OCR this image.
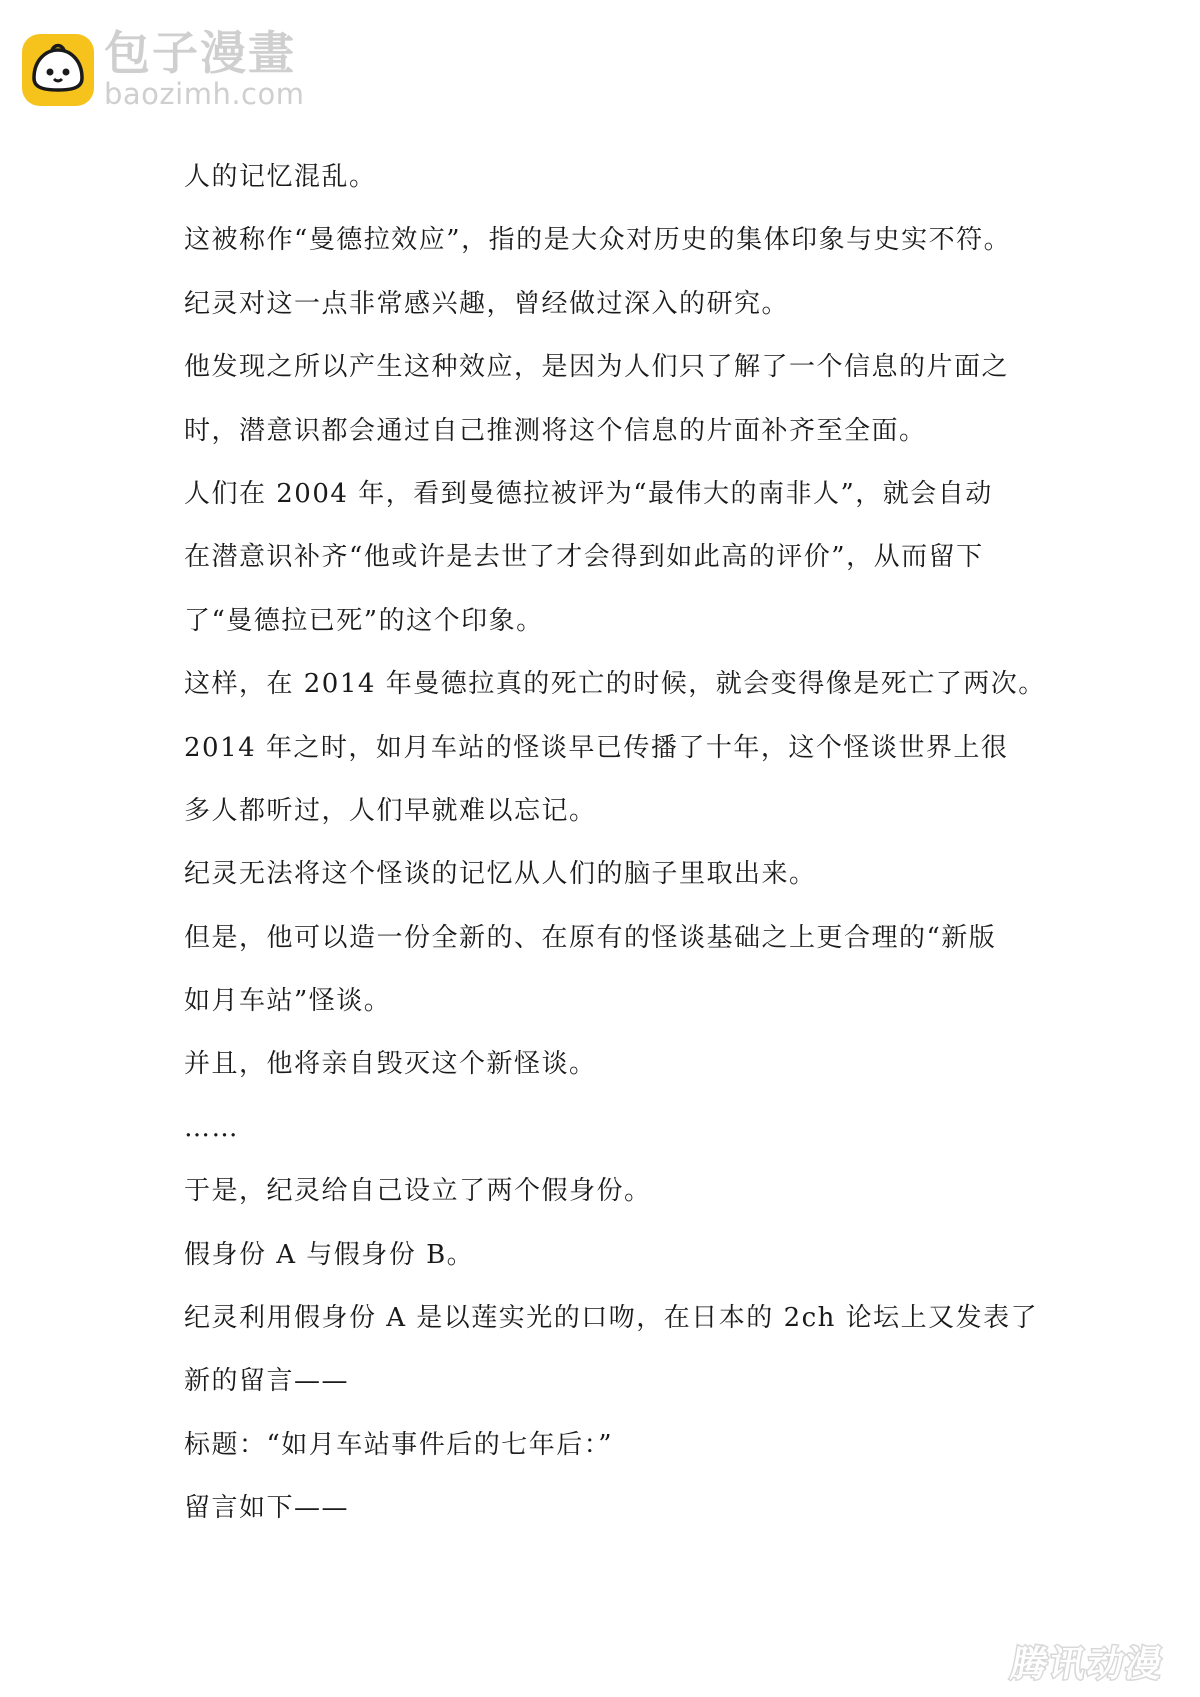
包子漫畫
baozimh.com
人的记忆混乱。
这被称作“曼德拉效应”，指的是大众对历史的集体印象与史实不符。
纪灵对这一点非常感兴趣，曾经做过深入的研究。
他发现之所以产生这种效应，是因为人们只了解了一个信息的片面之
时，潜意识都会通过自己推测将这个信息的片面补齐至全面。
人们在 2004 年，看到曼德拉被评为“最伟大的南非人”，就会自动
在潜意识补齐“他或许是去世了才会得到如此高的评价”，从而留下
了“曼德拉已死”的这个印象。
这样，在 2014 年曼德拉真的死亡的时候，就会变得像是死亡了两次。
2014 年之时，如月车站的怪谈早已传播了十年，这个怪谈世界上很
多人都听过，人们早就难以忘记。
纪灵无法将这个怪谈的记忆从人们的脑子里取出来。
但是，他可以造一份全新的、在原有的怪谈基础之上更合理的“新版
如月车站”怪谈。
并且，他将亲自毁灭这个新怪谈。
……
于是，纪灵给自己设立了两个假身份。
假身份 A 与假身份 B。
纪灵利用假身份 A 是以莲实光的口吻，在日本的 2ch 论坛上又发表了
新的留言——
标题：“如月车站事件后的七年后：”
留言如下——
腾讯动漫
